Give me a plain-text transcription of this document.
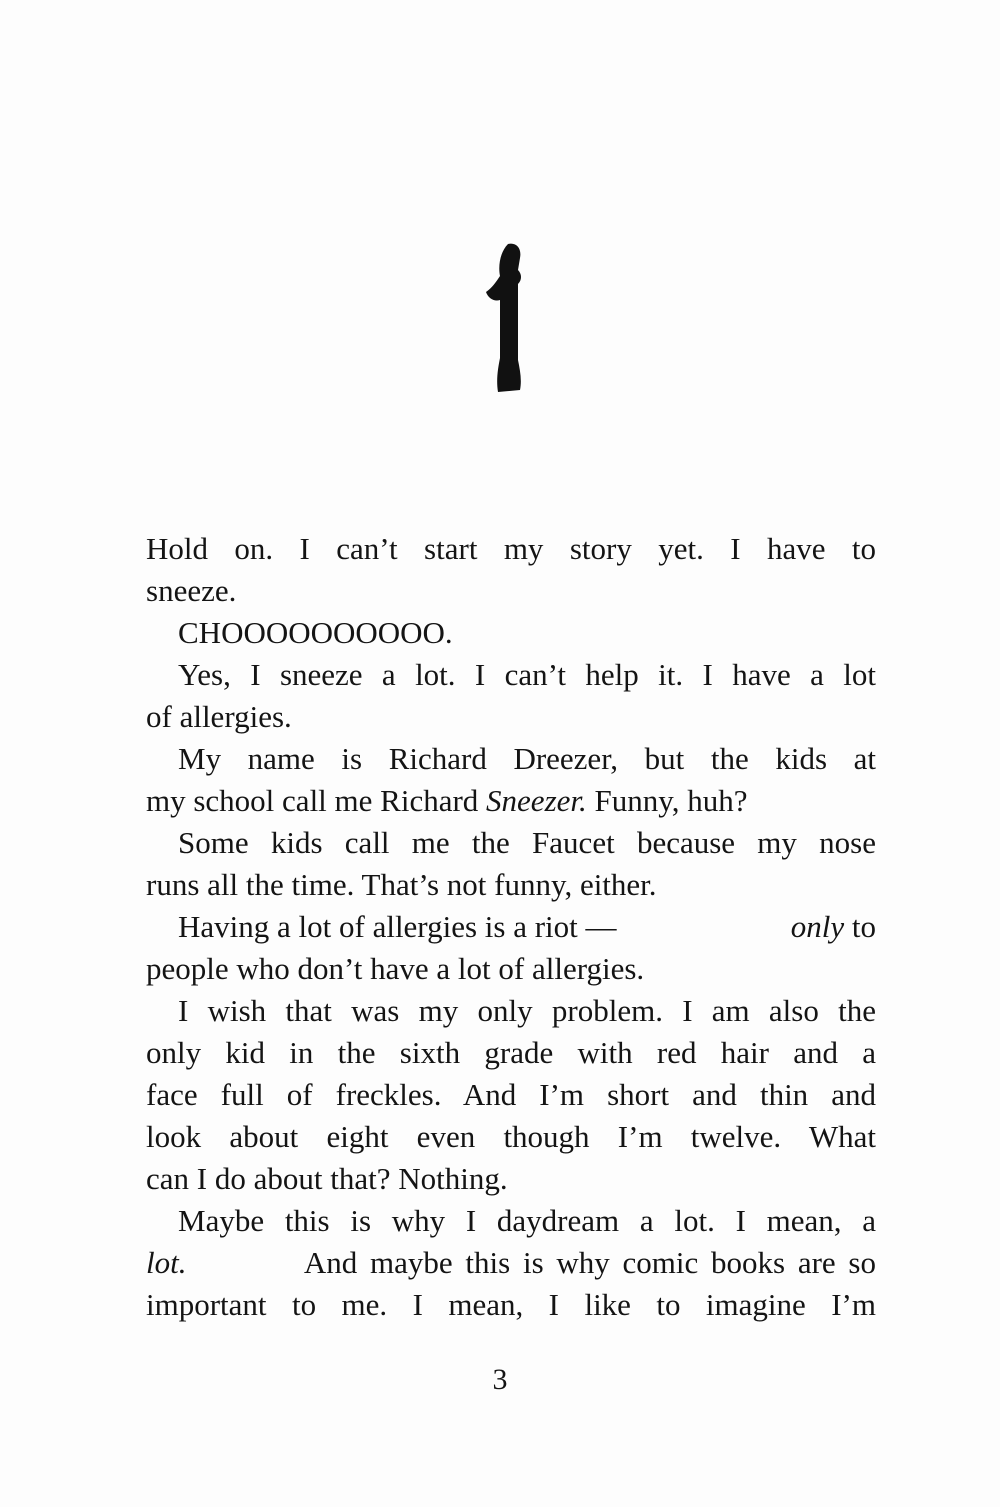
Hold on. I can’t start my story yet. I have to
sneeze.
CHOOOOOOOOOO.
Yes, I sneeze a lot. I can’t help it. I have a lot
of allergies.
My name is Richard Dreezer, but the kids at
my school call me Richard Sneezer. Funny, huh?
Some kids call me the Faucet because my nose
runs all the time. That’s not funny, either.
Having a lot of allergies is a riot —	only to
people who don’t have a lot of allergies.
I wish that was my only problem. I am also the
only kid in the sixth grade with red hair and a
face full of freckles. And I’m short and thin and
look about eight even though I’m twelve. What
can I do about that? Nothing.
Maybe this is why I daydream a lot. I mean, a
lot.	And maybe this is why comic books are so
important to me. I mean, I like to imagine I’m
3
